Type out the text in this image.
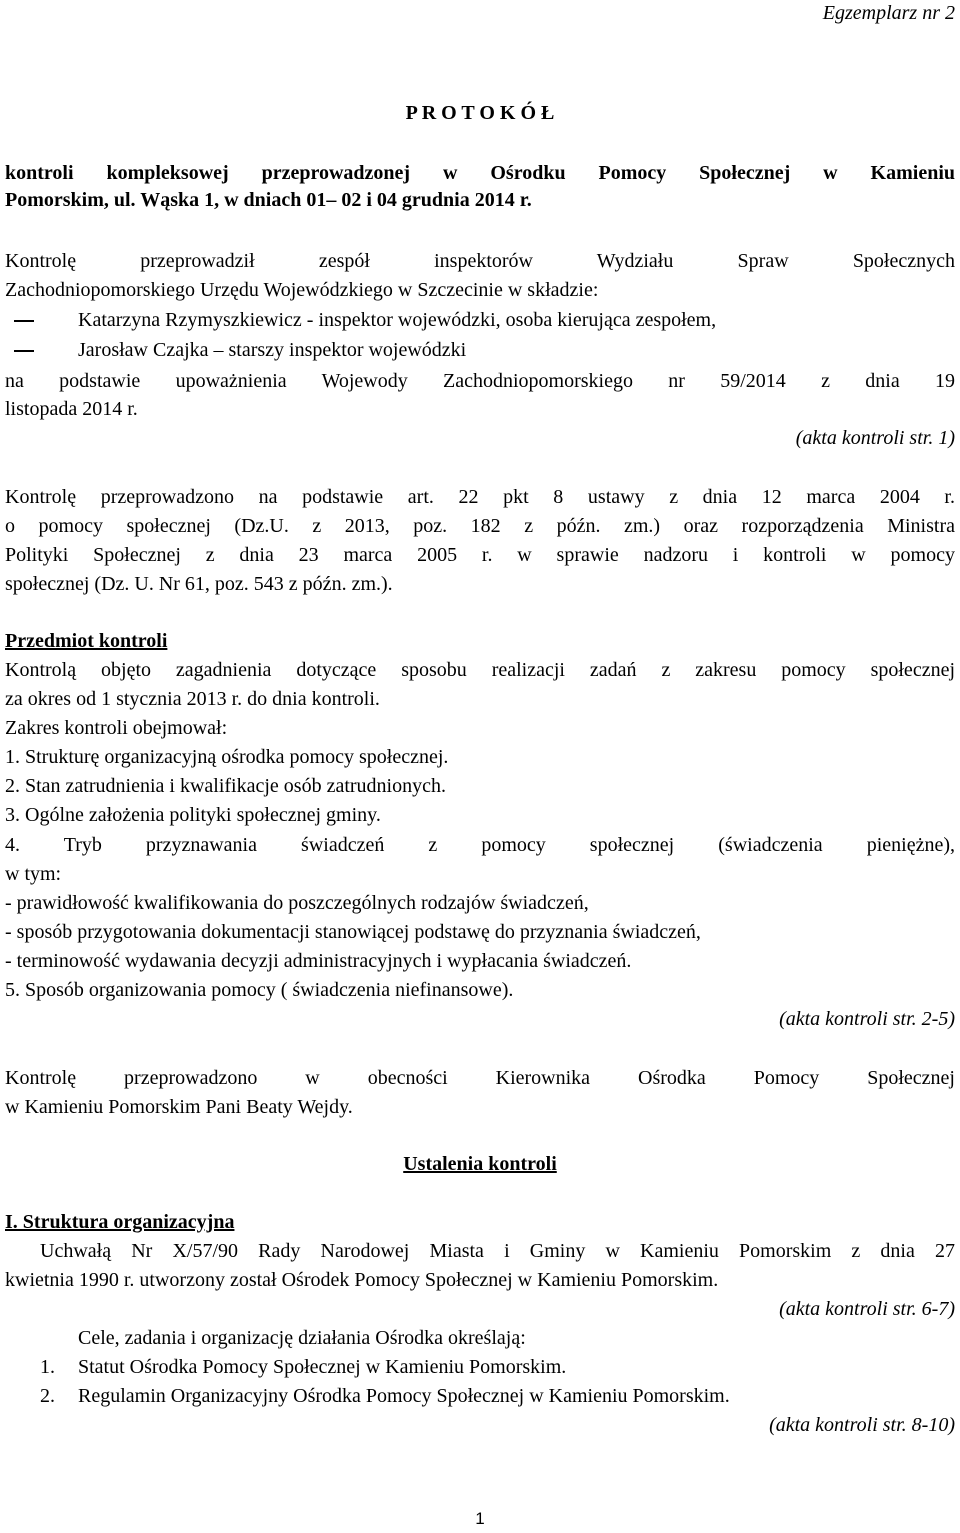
Egzemplarz nr 2
P R O T O K Ó Ł
kontroli kompleksowej przeprowadzonej w Ośrodku Pomocy Społecznej w Kamieniu
Pomorskim, ul. Wąska 1, w dniach 01– 02 i 04 grudnia 2014 r.
Kontrolę przeprowadził zespół inspektorów Wydziału Spraw Społecznych
Zachodniopomorskiego Urzędu Wojewódzkiego w Szczecinie w składzie:
Katarzyna Rzymyszkiewicz - inspektor wojewódzki, osoba kierująca zespołem,
Jarosław Czajka – starszy inspektor wojewódzki
na podstawie upoważnienia Wojewody Zachodniopomorskiego nr 59/2014 z dnia 19
listopada 2014 r.
(akta kontroli str. 1)
Kontrolę przeprowadzono na podstawie art. 22 pkt 8 ustawy z dnia 12 marca 2004 r.
o pomocy społecznej (Dz.U. z 2013, poz. 182 z późn. zm.) oraz rozporządzenia Ministra
Polityki Społecznej z dnia 23 marca 2005 r. w sprawie nadzoru i kontroli w pomocy
społecznej (Dz. U. Nr 61, poz. 543 z późn. zm.).
Przedmiot kontroli
Kontrolą objęto zagadnienia dotyczące sposobu realizacji zadań z zakresu pomocy społecznej
za okres od 1 stycznia 2013 r. do dnia kontroli.
Zakres kontroli obejmował:
1. Strukturę organizacyjną ośrodka pomocy społecznej.
2. Stan zatrudnienia i kwalifikacje osób zatrudnionych.
3. Ogólne założenia polityki społecznej gminy.
4. Tryb przyznawania świadczeń z pomocy społecznej (świadczenia pieniężne),
w tym:
- prawidłowość kwalifikowania do poszczególnych rodzajów świadczeń,
- sposób przygotowania dokumentacji stanowiącej podstawę do przyznania świadczeń,
- terminowość wydawania decyzji administracyjnych i wypłacania świadczeń.
5. Sposób organizowania pomocy ( świadczenia niefinansowe).
(akta kontroli str. 2-5)
Kontrolę przeprowadzono w obecności Kierownika Ośrodka Pomocy Społecznej
w Kamieniu Pomorskim Pani Beaty Wejdy.
Ustalenia kontroli
I. Struktura organizacyjna
Uchwałą Nr X/57/90 Rady Narodowej Miasta i Gminy w Kamieniu Pomorskim z dnia 27
kwietnia 1990 r. utworzony został Ośrodek Pomocy Społecznej w Kamieniu Pomorskim.
(akta kontroli str. 6-7)
Cele, zadania i organizację działania Ośrodka określają:
1.	Statut Ośrodka Pomocy Społecznej w Kamieniu Pomorskim.
2.	Regulamin Organizacyjny Ośrodka Pomocy Społecznej w Kamieniu Pomorskim.
(akta kontroli str. 8-10)
1
